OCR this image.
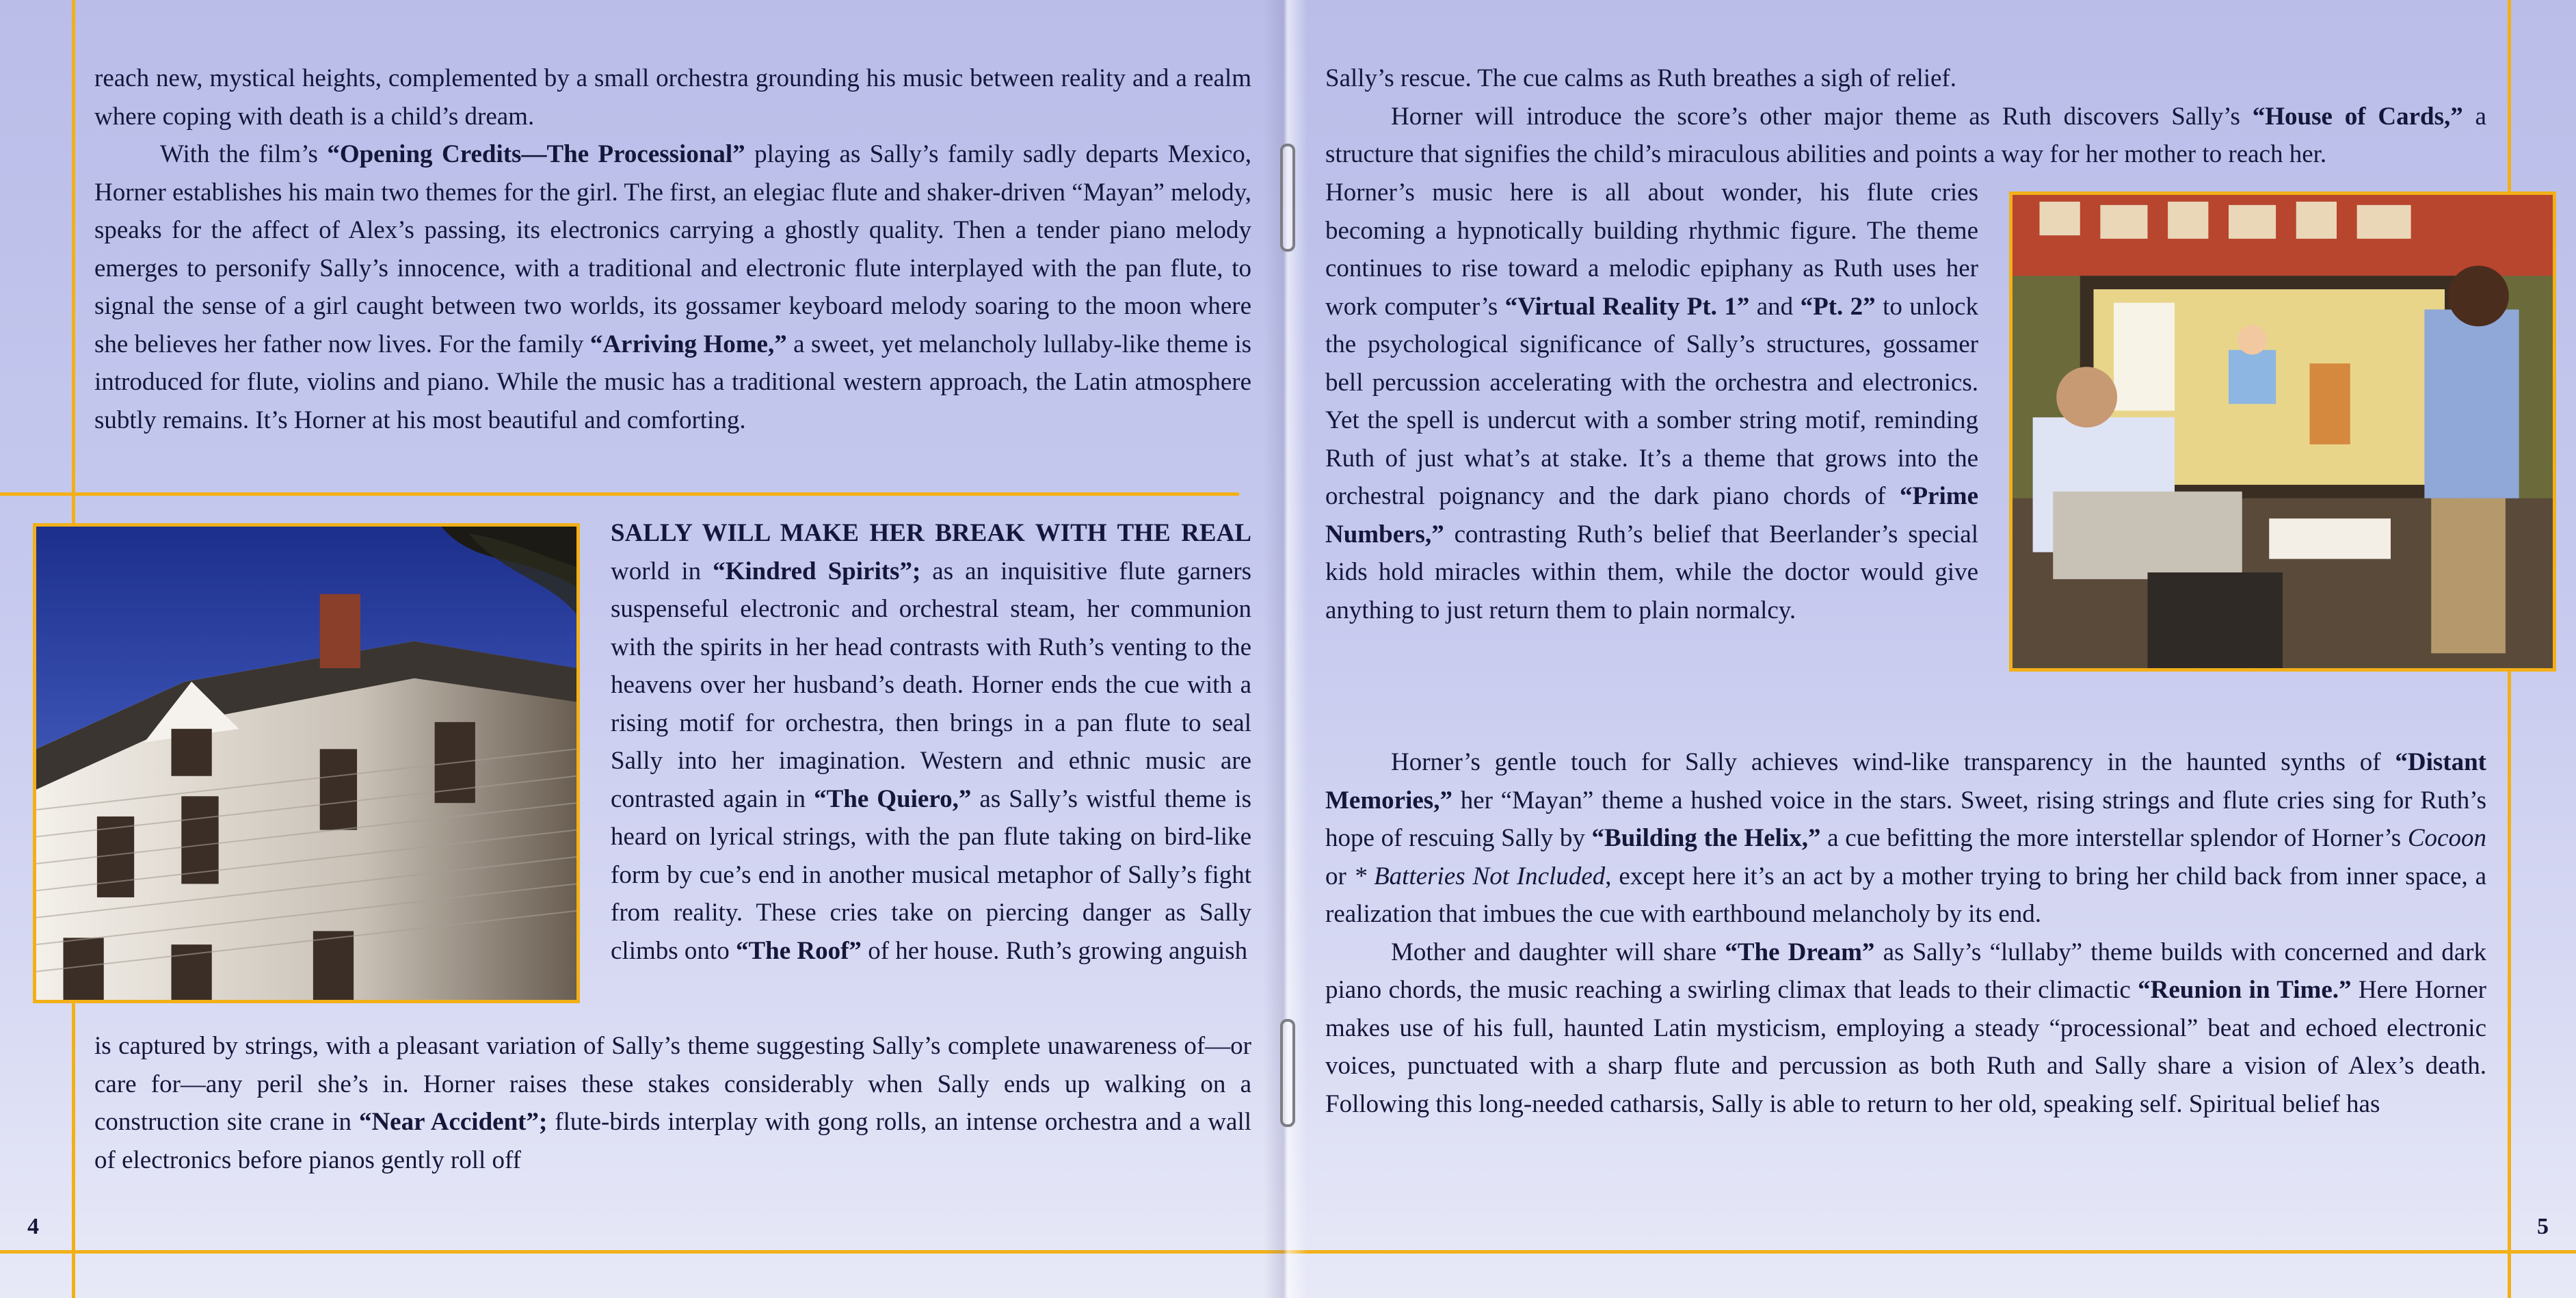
reach new, mystical heights, complemented by a small orchestra grounding his music between reality and a realm where coping with death is a child’s dream.

With the film’s “Opening Credits—The Processional” playing as Sally’s family sadly departs Mexico, Horner establishes his main two themes for the girl. The first, an elegiac flute and shaker-driven “Mayan” melody, speaks for the affect of Alex’s passing, its electronics carrying a ghostly quality. Then a tender piano melody emerges to personify Sally’s innocence, with a traditional and electronic flute interplayed with the pan flute, to signal the sense of a girl caught between two worlds, its gossamer keyboard melody soaring to the moon where she believes her father now lives. For the family “Arriving Home,” a sweet, yet melancholy lullaby-like theme is introduced for flute, violins and piano. While the music has a traditional western approach, the Latin atmosphere subtly remains. It’s Horner at his most beautiful and comforting.

SALLY WILL MAKE HER BREAK WITH THE REAL world in “Kindred Spirits”; as an inquisitive flute garners suspenseful electronic and orchestral steam, her communion with the spirits in her head contrasts with Ruth’s venting to the heavens over her husband’s death. Horner ends the cue with a rising motif for orchestra, then brings in a pan flute to seal Sally into her imagination. Western and ethnic music are contrasted again in “The Quiero,” as Sally’s wistful theme is heard on lyrical strings, with the pan flute taking on bird-like form by cue’s end in another musical metaphor of Sally’s fight from reality. These cries take on piercing danger as Sally climbs onto “The Roof” of her house. Ruth’s growing anguish

is captured by strings, with a pleasant variation of Sally’s theme suggesting Sally’s complete unawareness of—or care for—any peril she’s in. Horner raises these stakes considerably when Sally ends up walking on a construction site crane in “Near Accident”; flute-birds interplay with gong rolls, an intense orchestra and a wall of electronics before pianos gently roll off

4

Sally’s rescue. The cue calms as Ruth breathes a sigh of relief.

Horner will introduce the score’s other major theme as Ruth discovers Sally’s “House of Cards,” a structure that signifies the child’s miraculous abilities and points a way for her mother to reach her.

Horner’s music here is all about wonder, his flute cries becoming a hypnotically building rhythmic figure. The theme continues to rise toward a melodic epiphany as Ruth uses her work computer’s “Virtual Reality Pt. 1” and “Pt. 2” to unlock the psychological significance of Sally’s structures, gossamer bell percussion accelerating with the orchestra and electronics. Yet the spell is undercut with a somber string motif, reminding Ruth of just what’s at stake. It’s a theme that grows into the orchestral poignancy and the dark piano chords of “Prime Numbers,” contrasting Ruth’s belief that Beerlander’s special kids hold miracles within them, while the doctor would give anything to just return them to plain normalcy.

Horner’s gentle touch for Sally achieves wind-like transparency in the haunted synths of “Distant Memories,” her “Mayan” theme a hushed voice in the stars. Sweet, rising strings and flute cries sing for Ruth’s hope of rescuing Sally by “Building the Helix,” a cue befitting the more interstellar splendor of Horner’s Cocoon or * Batteries Not Included, except here it’s an act by a mother trying to bring her child back from inner space, a realization that imbues the cue with earthbound melancholy by its end.

Mother and daughter will share “The Dream” as Sally’s “lullaby” theme builds with concerned and dark piano chords, the music reaching a swirling climax that leads to their climactic “Reunion in Time.” Here Horner makes use of his full, haunted Latin mysticism, employing a steady “processional” beat and echoed electronic voices, punctuated with a sharp flute and percussion as both Ruth and Sally share a vision of Alex’s death. Following this long-needed catharsis, Sally is able to return to her old, speaking self. Spiritual belief has

5
